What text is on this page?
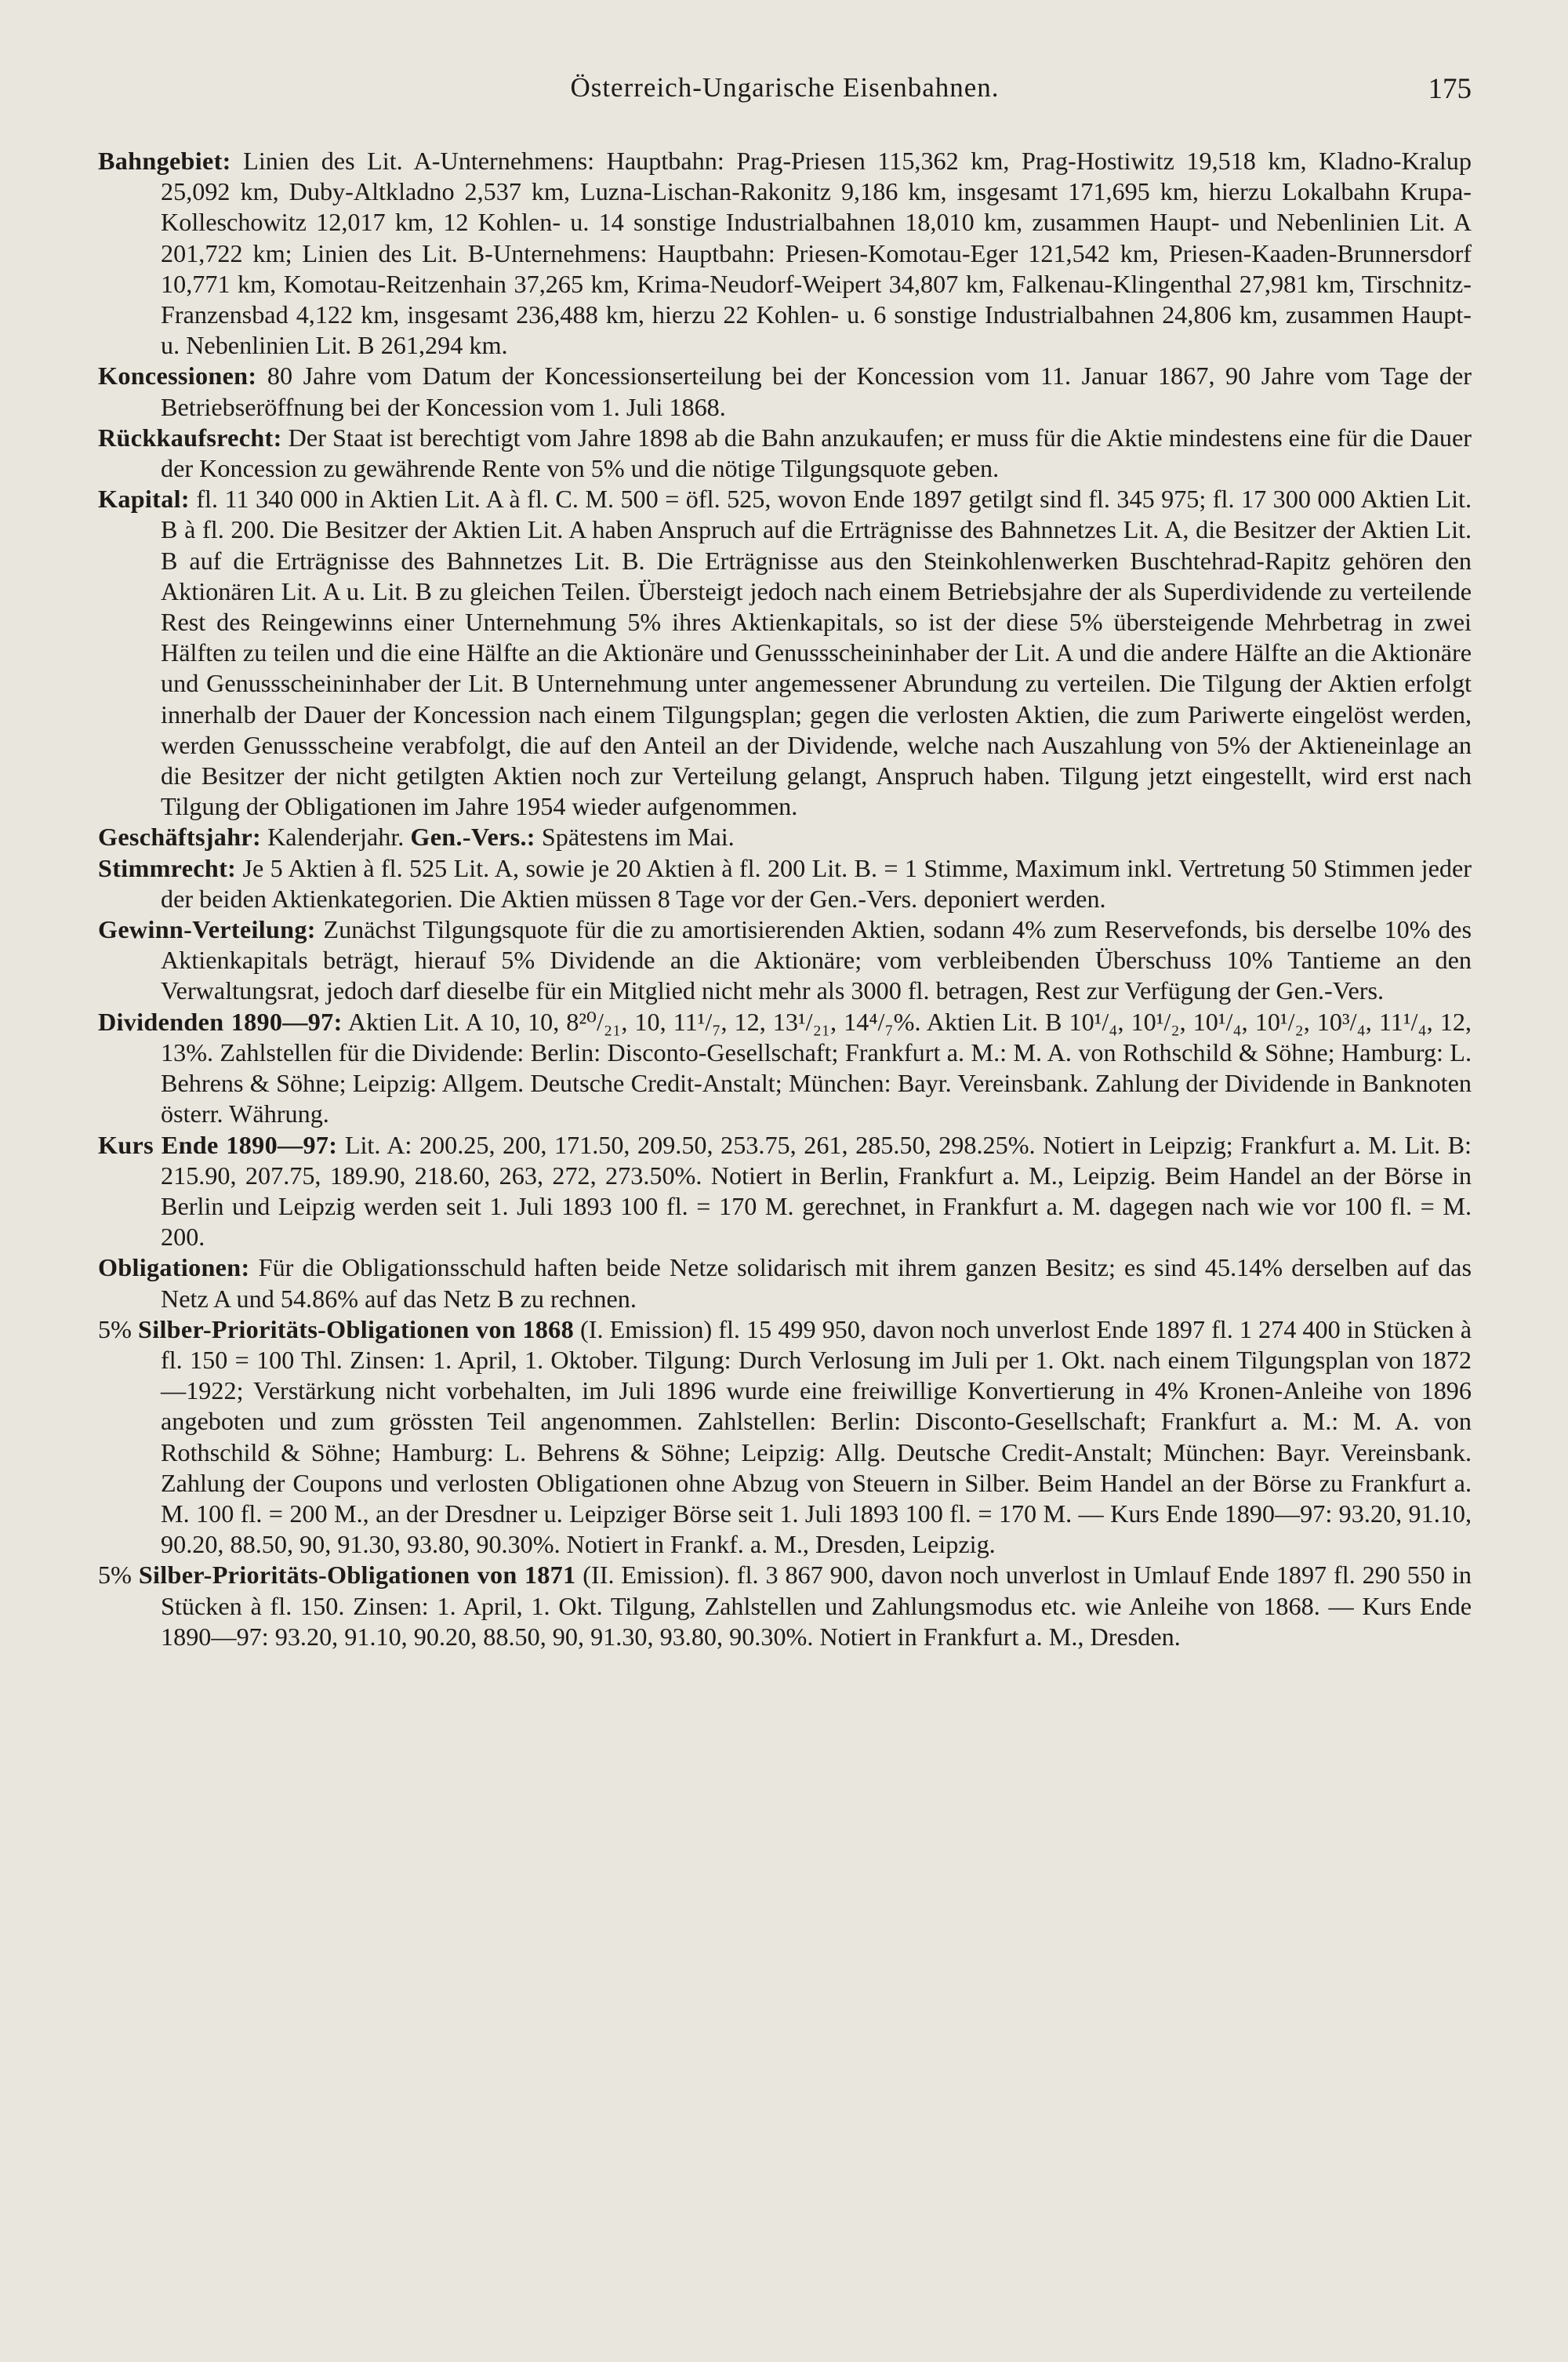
Österreich-Ungarische Eisenbahnen.	175

Bahngebiet: Linien des Lit. A-Unternehmens: Hauptbahn: Prag-Priesen 115,362 km, Prag-Hostiwitz 19,518 km, Kladno-Kralup 25,092 km, Duby-Altkladno 2,537 km, Luzna-Lischan-Rakonitz 9,186 km, insgesamt 171,695 km, hierzu Lokalbahn Krupa-Kolleschowitz 12,017 km, 12 Kohlen- u. 14 sonstige Industrialbahnen 18,010 km, zusammen Haupt- und Nebenlinien Lit. A 201,722 km; Linien des Lit. B-Unternehmens: Hauptbahn: Priesen-Komotau-Eger 121,542 km, Priesen-Kaaden-Brunnersdorf 10,771 km, Komotau-Reitzenhain 37,265 km, Krima-Neudorf-Weipert 34,807 km, Falkenau-Klingenthal 27,981 km, Tirschnitz-Franzensbad 4,122 km, insgesamt 236,488 km, hierzu 22 Kohlen- u. 6 sonstige Industrialbahnen 24,806 km, zusammen Haupt- u. Nebenlinien Lit. B 261,294 km.

Koncessionen: 80 Jahre vom Datum der Koncessionserteilung bei der Koncession vom 11. Januar 1867, 90 Jahre vom Tage der Betriebseröffnung bei der Koncession vom 1. Juli 1868.

Rückkaufsrecht: Der Staat ist berechtigt vom Jahre 1898 ab die Bahn anzukaufen; er muss für die Aktie mindestens eine für die Dauer der Koncession zu gewährende Rente von 5% und die nötige Tilgungsquote geben.

Kapital: fl. 11 340 000 in Aktien Lit. A à fl. C. M. 500 = öfl. 525, wovon Ende 1897 getilgt sind fl. 345 975; fl. 17 300 000 Aktien Lit. B à fl. 200. Die Besitzer der Aktien Lit. A haben Anspruch auf die Erträgnisse des Bahnnetzes Lit. A, die Besitzer der Aktien Lit. B auf die Erträgnisse des Bahnnetzes Lit. B. Die Erträgnisse aus den Steinkohlenwerken Buschtehrad-Rapitz gehören den Aktionären Lit. A u. Lit. B zu gleichen Teilen. Übersteigt jedoch nach einem Betriebsjahre der als Superdividende zu verteilende Rest des Reingewinns einer Unternehmung 5% ihres Aktienkapitals, so ist der diese 5% übersteigende Mehrbetrag in zwei Hälften zu teilen und die eine Hälfte an die Aktionäre und Genussscheininhaber der Lit. A und die andere Hälfte an die Aktionäre und Genussscheininhaber der Lit. B Unternehmung unter angemessener Abrundung zu verteilen. Die Tilgung der Aktien erfolgt innerhalb der Dauer der Koncession nach einem Tilgungsplan; gegen die verlosten Aktien, die zum Pariwerte eingelöst werden, werden Genussscheine verabfolgt, die auf den Anteil an der Dividende, welche nach Auszahlung von 5% der Aktieneinlage an die Besitzer der nicht getilgten Aktien noch zur Verteilung gelangt, Anspruch haben. Tilgung jetzt eingestellt, wird erst nach Tilgung der Obligationen im Jahre 1954 wieder aufgenommen.

Geschäftsjahr: Kalenderjahr. Gen.-Vers.: Spätestens im Mai.

Stimmrecht: Je 5 Aktien à fl. 525 Lit. A, sowie je 20 Aktien à fl. 200 Lit. B. = 1 Stimme, Maximum inkl. Vertretung 50 Stimmen jeder der beiden Aktienkategorien. Die Aktien müssen 8 Tage vor der Gen.-Vers. deponiert werden.

Gewinn-Verteilung: Zunächst Tilgungsquote für die zu amortisierenden Aktien, sodann 4% zum Reservefonds, bis derselbe 10% des Aktienkapitals beträgt, hierauf 5% Dividende an die Aktionäre; vom verbleibenden Überschuss 10% Tantieme an den Verwaltungsrat, jedoch darf dieselbe für ein Mitglied nicht mehr als 3000 fl. betragen, Rest zur Verfügung der Gen.-Vers.

Dividenden 1890—97: Aktien Lit. A 10, 10, 8²⁰/₂₁, 10, 11¹/₇, 12, 13¹/₂₁, 14⁴/₇%. Aktien Lit. B 10¹/₄, 10¹/₂, 10¹/₄, 10¹/₂, 10³/₄, 11¹/₄, 12, 13%. Zahlstellen für die Dividende: Berlin: Disconto-Gesellschaft; Frankfurt a. M.: M. A. von Rothschild & Söhne; Hamburg: L. Behrens & Söhne; Leipzig: Allgem. Deutsche Credit-Anstalt; München: Bayr. Vereinsbank. Zahlung der Dividende in Banknoten österr. Währung.

Kurs Ende 1890—97: Lit. A: 200.25, 200, 171.50, 209.50, 253.75, 261, 285.50, 298.25%. Notiert in Leipzig; Frankfurt a. M. Lit. B: 215.90, 207.75, 189.90, 218.60, 263, 272, 273.50%. Notiert in Berlin, Frankfurt a. M., Leipzig. Beim Handel an der Börse in Berlin und Leipzig werden seit 1. Juli 1893 100 fl. = 170 M. gerechnet, in Frankfurt a. M. dagegen nach wie vor 100 fl. = M. 200.

Obligationen: Für die Obligationsschuld haften beide Netze solidarisch mit ihrem ganzen Besitz; es sind 45.14% derselben auf das Netz A und 54.86% auf das Netz B zu rechnen.

5% Silber-Prioritäts-Obligationen von 1868 (I. Emission) fl. 15 499 950, davon noch unverlost Ende 1897 fl. 1 274 400 in Stücken à fl. 150 = 100 Thl. Zinsen: 1. April, 1. Oktober. Tilgung: Durch Verlosung im Juli per 1. Okt. nach einem Tilgungsplan von 1872—1922; Verstärkung nicht vorbehalten, im Juli 1896 wurde eine freiwillige Konvertierung in 4% Kronen-Anleihe von 1896 angeboten und zum grössten Teil angenommen. Zahlstellen: Berlin: Disconto-Gesellschaft; Frankfurt a. M.: M. A. von Rothschild & Söhne; Hamburg: L. Behrens & Söhne; Leipzig: Allg. Deutsche Credit-Anstalt; München: Bayr. Vereinsbank. Zahlung der Coupons und verlosten Obligationen ohne Abzug von Steuern in Silber. Beim Handel an der Börse zu Frankfurt a. M. 100 fl. = 200 M., an der Dresdner u. Leipziger Börse seit 1. Juli 1893 100 fl. = 170 M. — Kurs Ende 1890—97: 93.20, 91.10, 90.20, 88.50, 90, 91.30, 93.80, 90.30%. Notiert in Frankf. a. M., Dresden, Leipzig.

5% Silber-Prioritäts-Obligationen von 1871 (II. Emission). fl. 3 867 900, davon noch unverlost in Umlauf Ende 1897 fl. 290 550 in Stücken à fl. 150. Zinsen: 1. April, 1. Okt. Tilgung, Zahlstellen und Zahlungsmodus etc. wie Anleihe von 1868. — Kurs Ende 1890—97: 93.20, 91.10, 90.20, 88.50, 90, 91.30, 93.80, 90.30%. Notiert in Frankfurt a. M., Dresden.
